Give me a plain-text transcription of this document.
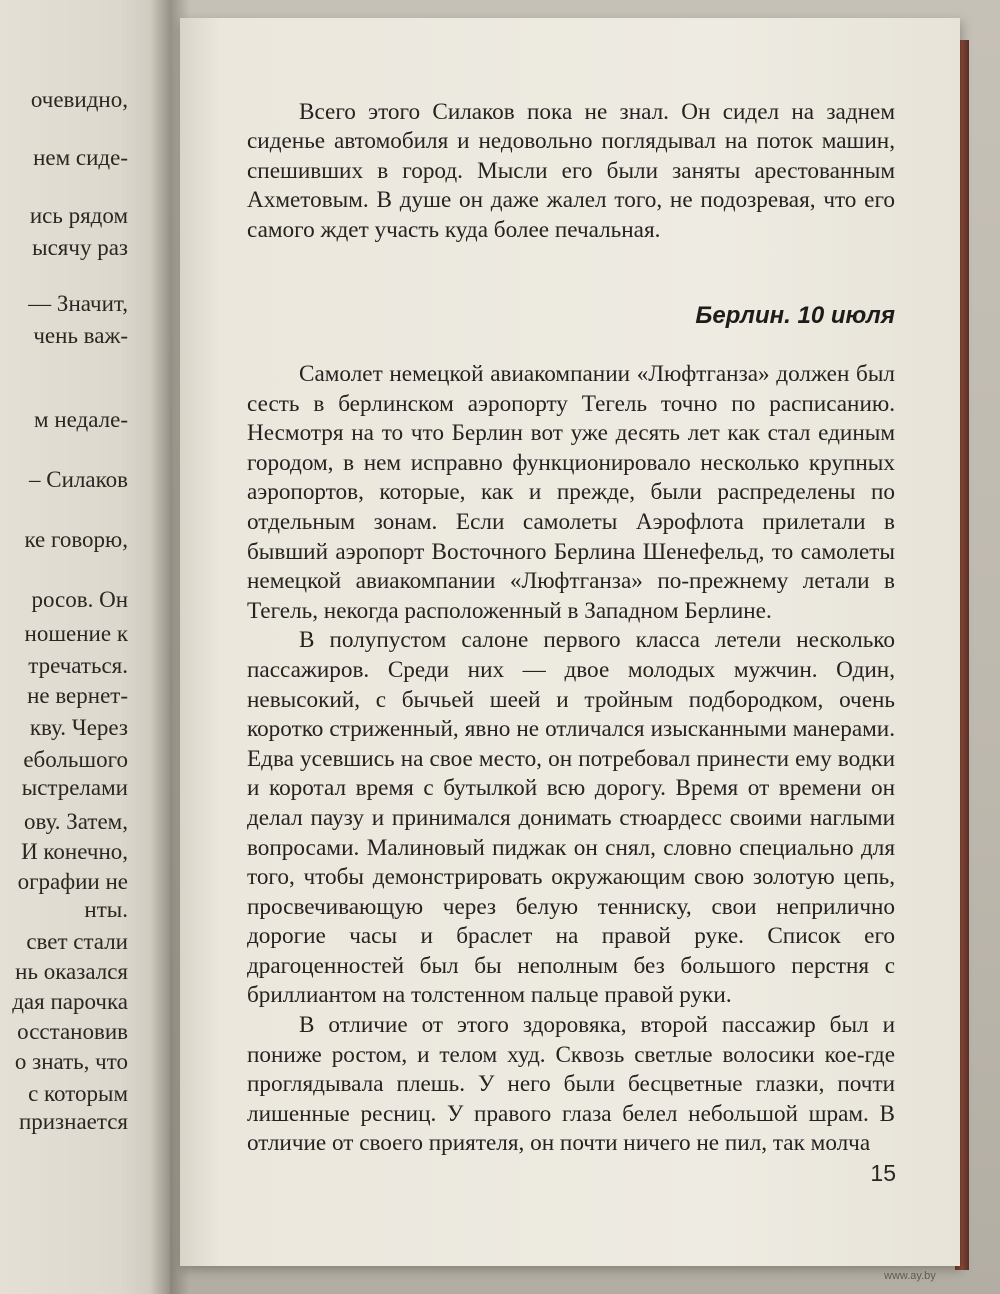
очевидно,
нем сиде-
ись рядом
ысячу раз
— Значит,
чень важ-
м недале-
– Силаков
ке говорю,
росов. Он
ношение к
тречаться.
не вернет-
кву. Через
ебольшого
ыстрелами
ову. Затем,
И конечно,
ографии не
нты.
свет стали
нь оказался
дая парочка
осстановив
о знать, что
с которым
признается

Всего этого Силаков пока не знал. Он сидел на заднем сиденье автомобиля и недовольно поглядывал на поток машин, спешивших в город. Мысли его были заняты арестованным Ахметовым. В душе он даже жалел того, не подозревая, что его самого ждет участь куда более печальная.

Берлин. 10 июля

Самолет немецкой авиакомпании «Люфтганза» должен был сесть в берлинском аэропорту Тегель точно по расписанию. Несмотря на то что Берлин вот уже десять лет как стал единым городом, в нем исправно функционировало несколько крупных аэропортов, которые, как и прежде, были распределены по отдельным зонам. Если самолеты Аэрофлота прилетали в бывший аэропорт Восточного Берлина Шенефельд, то самолеты немецкой авиакомпании «Люфтганза» по-прежнему летали в Тегель, некогда расположенный в Западном Берлине.

В полупустом салоне первого класса летели несколько пассажиров. Среди них — двое молодых мужчин. Один, невысокий, с бычьей шеей и тройным подбородком, очень коротко стриженный, явно не отличался изысканными манерами. Едва усевшись на свое место, он потребовал принести ему водки и коротал время с бутылкой всю дорогу. Время от времени он делал паузу и принимался донимать стюардесс своими наглыми вопросами. Малиновый пиджак он снял, словно специально для того, чтобы демонстрировать окружающим свою золотую цепь, просвечивающую через белую тенниску, свои неприлично дорогие часы и браслет на правой руке. Список его драгоценностей был бы неполным без большого перстня с бриллиантом на толстенном пальце правой руки.

В отличие от этого здоровяка, второй пассажир был и пониже ростом, и телом худ. Сквозь светлые волосики кое-где проглядывала плешь. У него были бесцветные глазки, почти лишенные ресниц. У правого глаза белел небольшой шрам. В отличие от своего приятеля, он почти ничего не пил, так молча

15
www.ay.by
